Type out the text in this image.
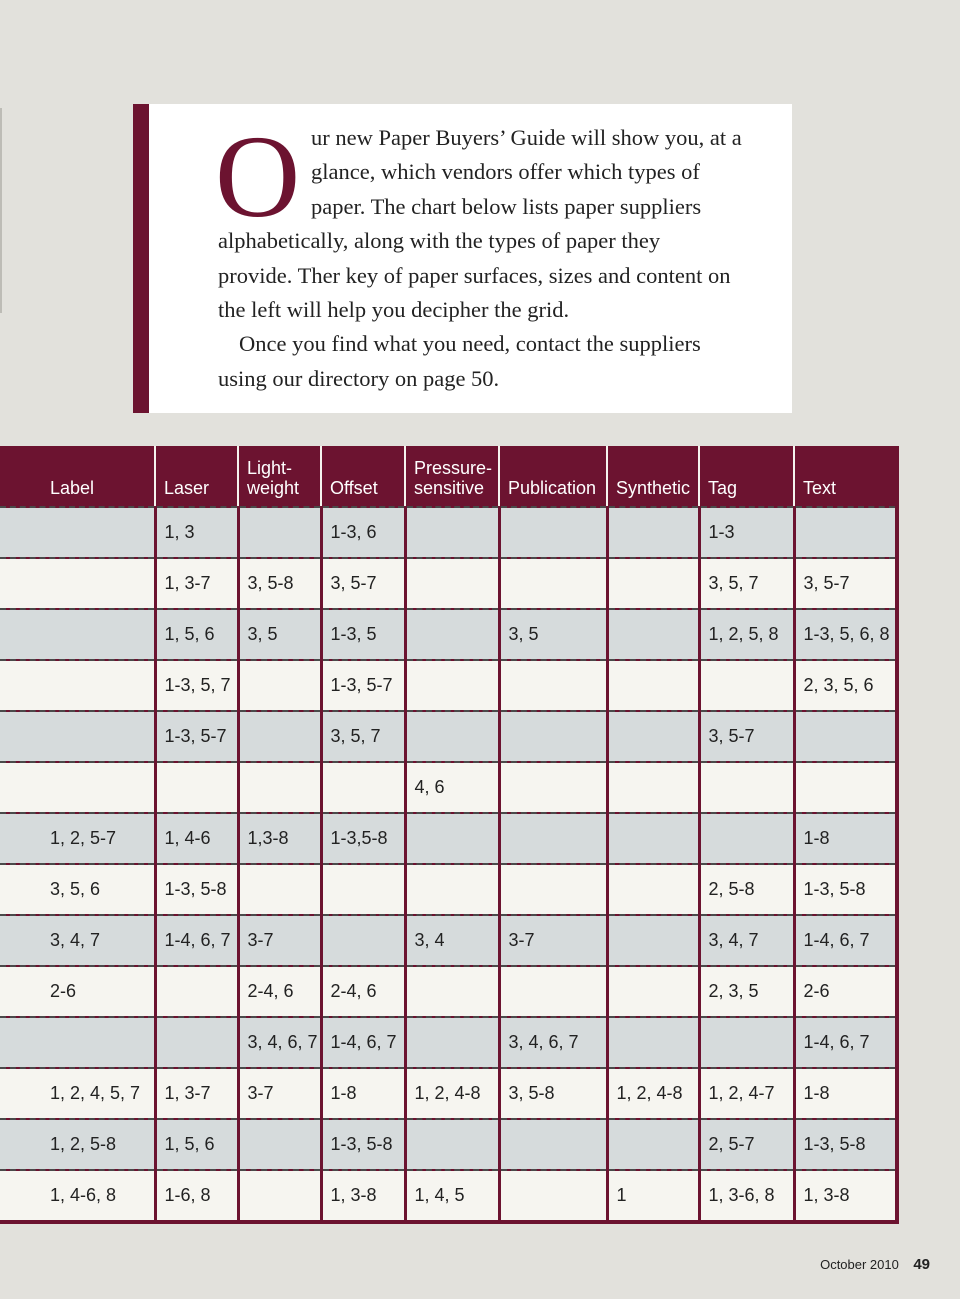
O ur new Paper Buyers’ Guide will show you, at a
glance, which vendors offer which types of
paper. The chart below lists paper suppliers
alphabetically, along with the types of paper they
provide. Ther key of paper surfaces, sizes and content on
the left will help you decipher the grid.
Once you find what you need, contact the suppliers
using our directory on page 50.
Label	Laser	Light-
weight	Offset	Pressure-
sensitive	Publication	Synthetic	Tag	Text
	1, 3		1-3, 6				1-3	
	1, 3-7	3, 5-8	3, 5-7				3, 5, 7	3, 5-7
	1, 5, 6	3, 5	1-3, 5		3, 5		1, 2, 5, 8	1-3, 5, 6, 8
	1-3, 5, 7		1-3, 5-7					2, 3, 5, 6
	1-3, 5-7		3, 5, 7				3, 5-7	
				4, 6				
1, 2, 5-7	1, 4-6	1,3-8	1-3,5-8					1-8
3, 5, 6	1-3, 5-8						2, 5-8	1-3, 5-8
3, 4, 7	1-4, 6, 7	3-7		3, 4	3-7		3, 4, 7	1-4, 6, 7
2-6		2-4, 6	2-4, 6				2, 3, 5	2-6
		3, 4, 6, 7	1-4, 6, 7		3, 4, 6, 7			1-4, 6, 7
1, 2, 4, 5, 7	1, 3-7	3-7	1-8	1, 2, 4-8	3, 5-8	1, 2, 4-8	1, 2, 4-7	1-8
1, 2, 5-8	1, 5, 6		1-3, 5-8				2, 5-7	1-3, 5-8
1, 4-6, 8	1-6, 8		1, 3-8	1, 4, 5		1	1, 3-6, 8	1, 3-8
October 2010 49
